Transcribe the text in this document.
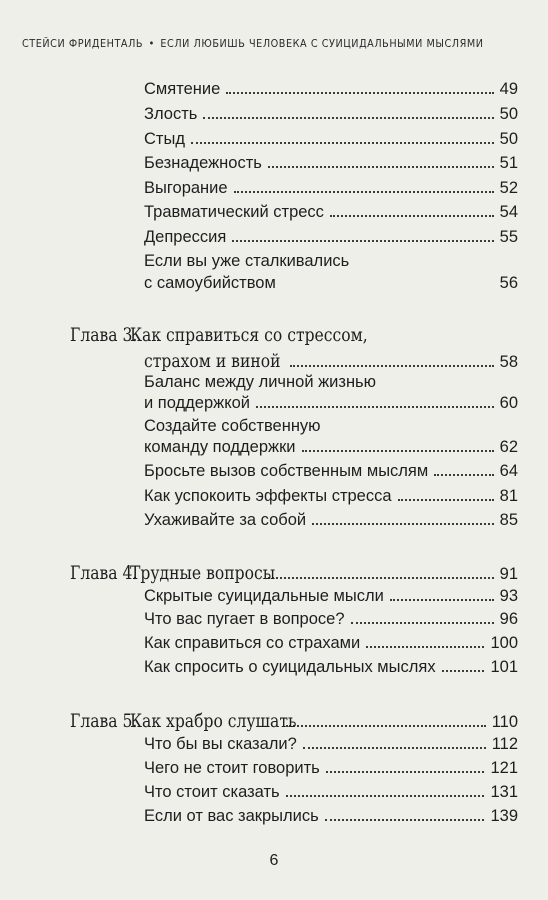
СТЕЙСИ ФРИДЕНТАЛЬ • ЕСЛИ ЛЮБИШЬ ЧЕЛОВЕКА С СУИЦИДАЛЬНЫМИ МЫСЛЯМИ
Смятение	49
Злость	50
Стыд	50
Безнадежность	51
Выгорание	52
Травматический стресс	54
Депрессия	55
Если вы уже сталкивались
с самоубийством	56
Глава 3.
Как справиться со стрессом,
страхом и виной	58
Баланс между личной жизнью
и поддержкой	60
Создайте собственную
команду поддержки	62
Бросьте вызов собственным мыслям	64
Как успокоить эффекты стресса	81
Ухаживайте за собой	85
Глава 4.
Трудные вопросы	91
Скрытые суицидальные мысли	93
Что вас пугает в вопросе?	96
Как справиться со страхами	100
Как спросить о суицидальных мыслях	101
Глава 5.
Как храбро слушать	110
Что бы вы сказали?	112
Чего не стоит говорить	121
Что стоит сказать	131
Если от вас закрылись	139
6
